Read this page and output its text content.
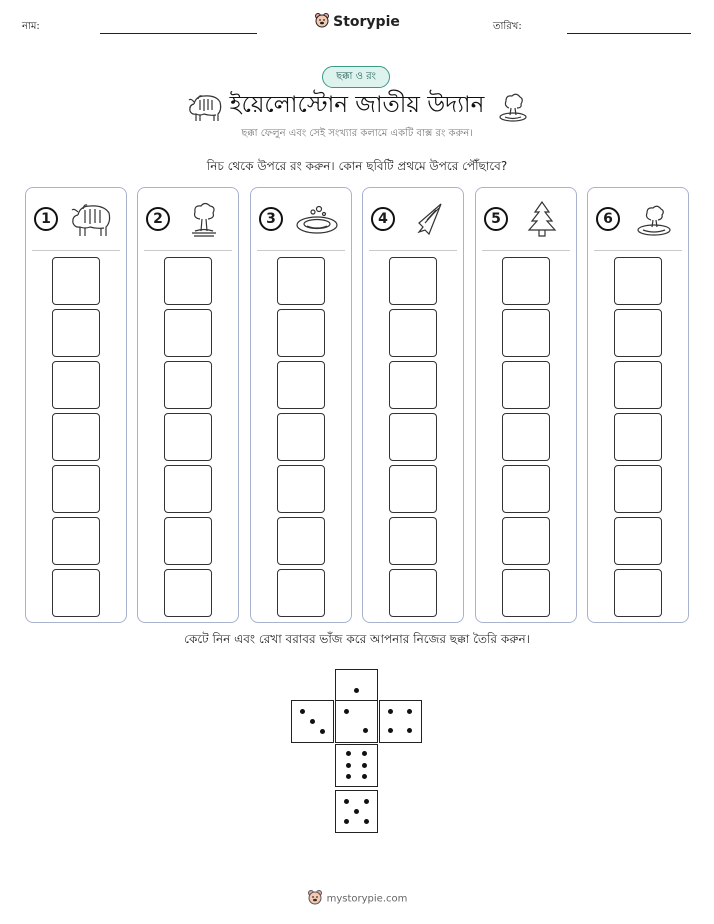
নাম:	Storypie	তারিখ:
ছক্কা ও রং
ইয়েলোস্টোন জাতীয় উদ্যান
ছক্কা ফেলুন এবং সেই সংখ্যার কলামে একটি বাক্স রং করুন।
নিচ থেকে উপরে রং করুন। কোন ছবিটি প্রথমে উপরে পৌঁছাবে?
1	2	3	4	5	6
কেটে নিন এবং রেখা বরাবর ভাঁজ করে আপনার নিজের ছক্কা তৈরি করুন।
mystorypie.com
